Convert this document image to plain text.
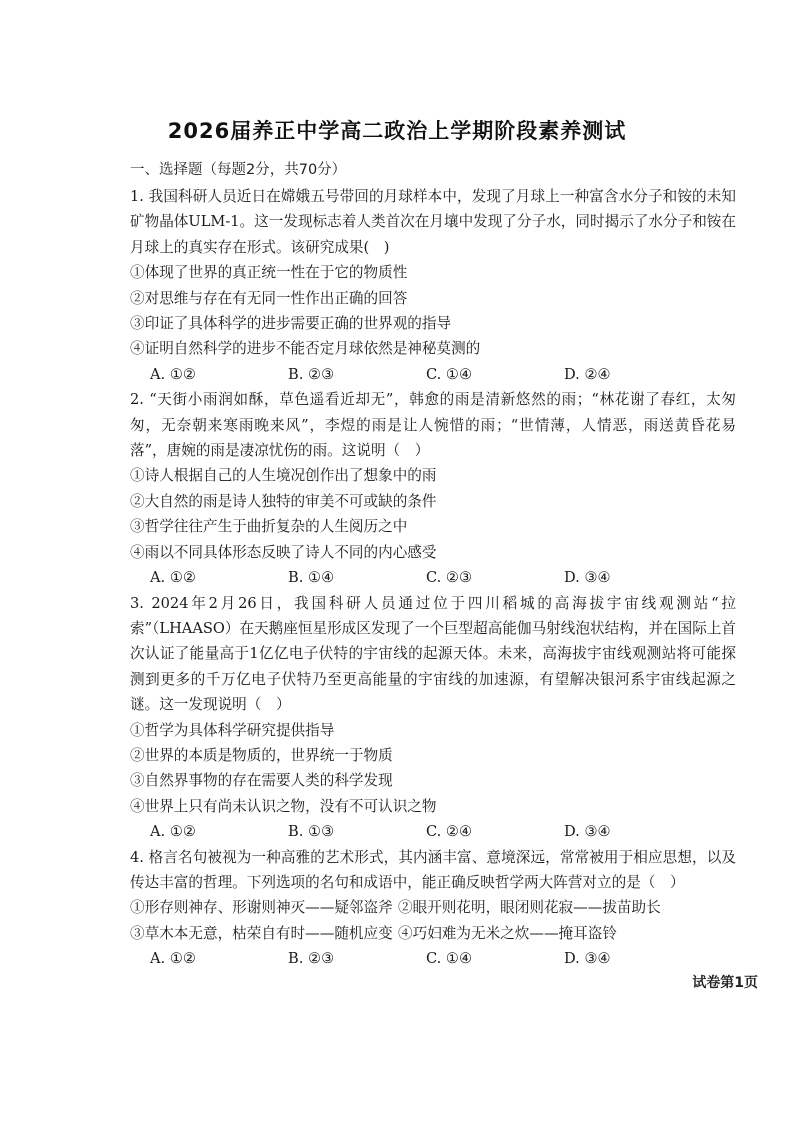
2026届养正中学高二政治上学期阶段素养测试
一、选择题（每题2分，共70分）
1. 我国科研人员近日在嫦娥五号带回的月球样本中，发现了月球上一种富含水分子和铵的未知矿物晶体ULM-1。这一发现标志着人类首次在月壤中发现了分子水，同时揭示了水分子和铵在月球上的真实存在形式。该研究成果(　)
①体现了世界的真正统一性在于它的物质性
②对思维与存在有无同一性作出正确的回答
③印证了具体科学的进步需要正确的世界观的指导
④证明自然科学的进步不能否定月球依然是神秘莫测的
A. ①②	B. ②③	C. ①④	D. ②④
2. “天街小雨润如酥，草色遥看近却无”，韩愈的雨是清新悠然的雨；“林花谢了春红，太匆匆，无奈朝来寒雨晚来风”，李煜的雨是让人惋惜的雨；“世情薄，人情恶，雨送黄昏花易落”，唐婉的雨是凄凉忧伤的雨。这说明（　）
①诗人根据自己的人生境况创作出了想象中的雨
②大自然的雨是诗人独特的审美不可或缺的条件
③哲学往往产生于曲折复杂的人生阅历之中
④雨以不同具体形态反映了诗人不同的内心感受
A. ①②	B. ①④	C. ②③	D. ③④
3. 2024年2月26日，我国科研人员通过位于四川稻城的高海拔宇宙线观测站“拉索”（LHAASO）在天鹅座恒星形成区发现了一个巨型超高能伽马射线泡状结构，并在国际上首次认证了能量高于1亿亿电子伏特的宇宙线的起源天体。未来，高海拔宇宙线观测站将可能探测到更多的千万亿电子伏特乃至更高能量的宇宙线的加速源，有望解决银河系宇宙线起源之谜。这一发现说明（　）
①哲学为具体科学研究提供指导
②世界的本质是物质的，世界统一于物质
③自然界事物的存在需要人类的科学发现
④世界上只有尚未认识之物，没有不可认识之物
A. ①②	B. ①③	C. ②④	D. ③④
4. 格言名句被视为一种高雅的艺术形式，其内涵丰富、意境深远，常常被用于相应思想，以及传达丰富的哲理。下列选项的名句和成语中，能正确反映哲学两大阵营对立的是（　）
①形存则神存、形谢则神灭——疑邻盗斧 ②眼开则花明，眼闭则花寂——拔苗助长
③草木本无意，枯荣自有时——随机应变 ④巧妇难为无米之炊——掩耳盗铃
A. ①②	B. ②③	C. ①④	D. ③④
试卷第1页
